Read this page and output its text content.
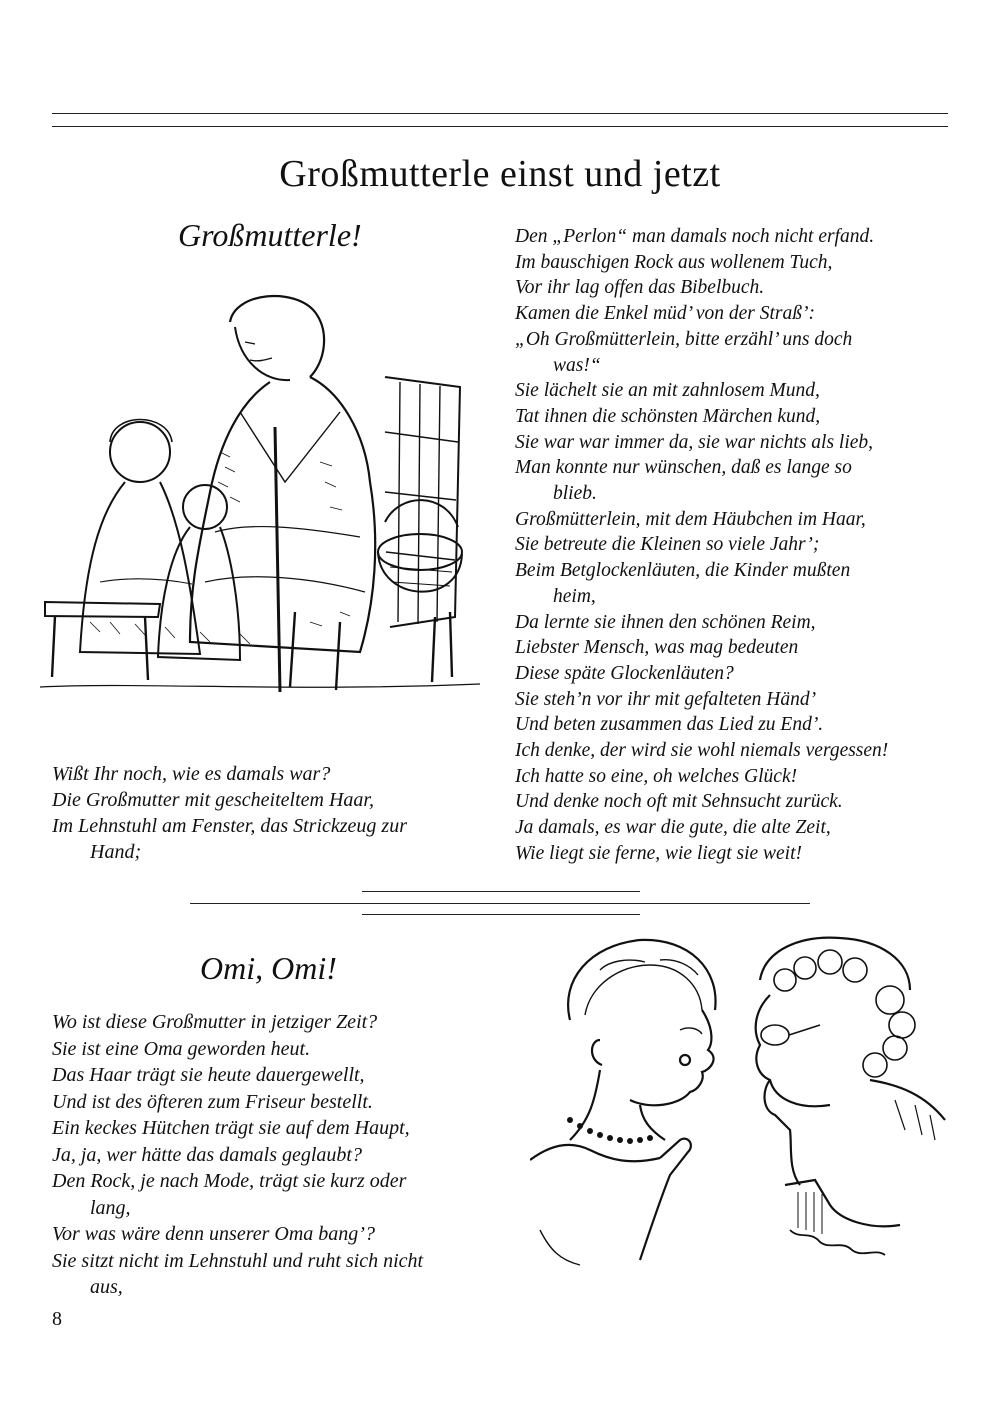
Großmutterle einst und jetzt
Großmutterle!
Wißt Ihr noch, wie es damals war?
Die Großmutter mit gescheiteltem Haar,
Im Lehnstuhl am Fenster, das Strickzeug zur
Hand;
Den „Perlon“ man damals noch nicht erfand.
Im bauschigen Rock aus wollenem Tuch,
Vor ihr lag offen das Bibelbuch.
Kamen die Enkel müd’ von der Straß’:
„Oh Großmütterlein, bitte erzähl’ uns doch
was!“
Sie lächelt sie an mit zahnlosem Mund,
Tat ihnen die schönsten Märchen kund,
Sie war war immer da, sie war nichts als lieb,
Man konnte nur wünschen, daß es lange so
blieb.
Großmütterlein, mit dem Häubchen im Haar,
Sie betreute die Kleinen so viele Jahr’;
Beim Betglockenläuten, die Kinder mußten
heim,
Da lernte sie ihnen den schönen Reim,
Liebster Mensch, was mag bedeuten
Diese späte Glockenläuten?
Sie steh’n vor ihr mit gefalteten Händ’
Und beten zusammen das Lied zu End’.
Ich denke, der wird sie wohl niemals vergessen!
Ich hatte so eine, oh welches Glück!
Und denke noch oft mit Sehnsucht zurück.
Ja damals, es war die gute, die alte Zeit,
Wie liegt sie ferne, wie liegt sie weit!
Omi, Omi!
Wo ist diese Großmutter in jetziger Zeit?
Sie ist eine Oma geworden heut.
Das Haar trägt sie heute dauergewellt,
Und ist des öfteren zum Friseur bestellt.
Ein keckes Hütchen trägt sie auf dem Haupt,
Ja, ja, wer hätte das damals geglaubt?
Den Rock, je nach Mode, trägt sie kurz oder
lang,
Vor was wäre denn unserer Oma bang’?
Sie sitzt nicht im Lehnstuhl und ruht sich nicht
aus,
8
